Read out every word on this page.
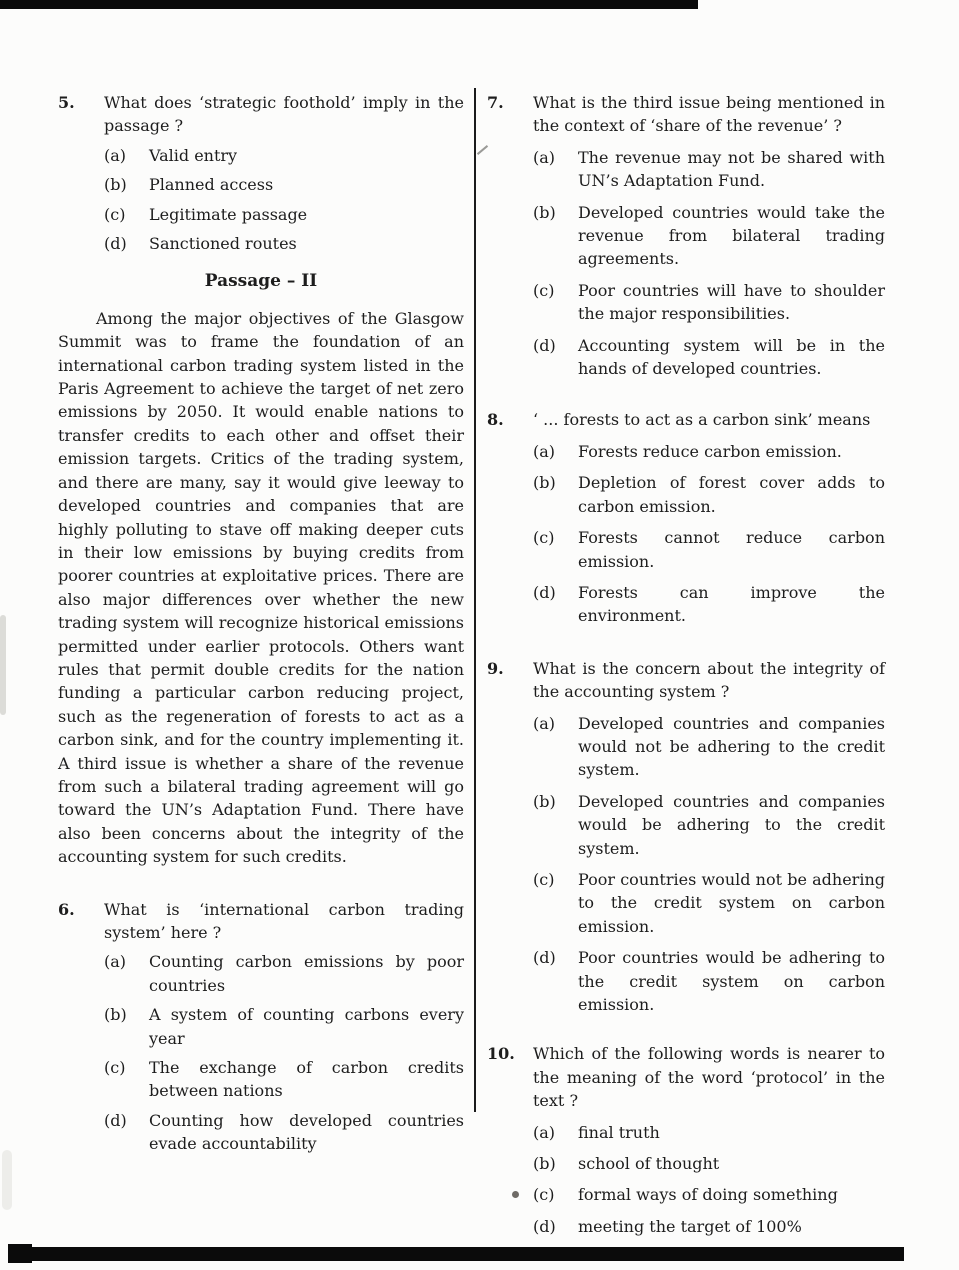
5.	What does ‘strategic foothold’ imply in the passage ?
(a)	Valid entry
(b)	Planned access
(c)	Legitimate passage
(d)	Sanctioned routes
Passage – II
Among the major objectives of the Glasgow Summit was to frame the foundation of an international carbon trading system listed in the Paris Agreement to achieve the target of net zero emissions by 2050. It would enable nations to transfer credits to each other and offset their emission targets. Critics of the trading system, and there are many, say it would give leeway to developed countries and companies that are highly polluting to stave off making deeper cuts in their low emissions by buying credits from poorer countries at exploitative prices. There are also major differences over whether the new trading system will recognize historical emissions permitted under earlier protocols. Others want rules that permit double credits for the nation funding a particular carbon reducing project, such as the regeneration of forests to act as a carbon sink, and for the country implementing it. A third issue is whether a share of the revenue from such a bilateral trading agreement will go toward the UN’s Adaptation Fund. There have also been concerns about the integrity of the accounting system for such credits.
6.	What is ‘international carbon trading system’ here ?
(a)	Counting carbon emissions by poor countries
(b)	A system of counting carbons every year
(c)	The exchange of carbon credits between nations
(d)	Counting how developed countries evade accountability
7.	What is the third issue being mentioned in the context of ‘share of the revenue’ ?
(a)	The revenue may not be shared with UN’s Adaptation Fund.
(b)	Developed countries would take the revenue from bilateral trading agreements.
(c)	Poor countries will have to shoulder the major responsibilities.
(d)	Accounting system will be in the hands of developed countries.
8.	‘ ... forests to act as a carbon sink’ means
(a)	Forests reduce carbon emission.
(b)	Depletion of forest cover adds to carbon emission.
(c)	Forests cannot reduce carbon emission.
(d)	Forests can improve the environment.
9.	What is the concern about the integrity of the accounting system ?
(a)	Developed countries and companies would not be adhering to the credit system.
(b)	Developed countries and companies would be adhering to the credit system.
(c)	Poor countries would not be adhering to the credit system on carbon emission.
(d)	Poor countries would be adhering to the credit system on carbon emission.
10.	Which of the following words is nearer to the meaning of the word ‘protocol’ in the text ?
(a)	final truth
(b)	school of thought
(c)	formal ways of doing something
(d)	meeting the target of 100%
